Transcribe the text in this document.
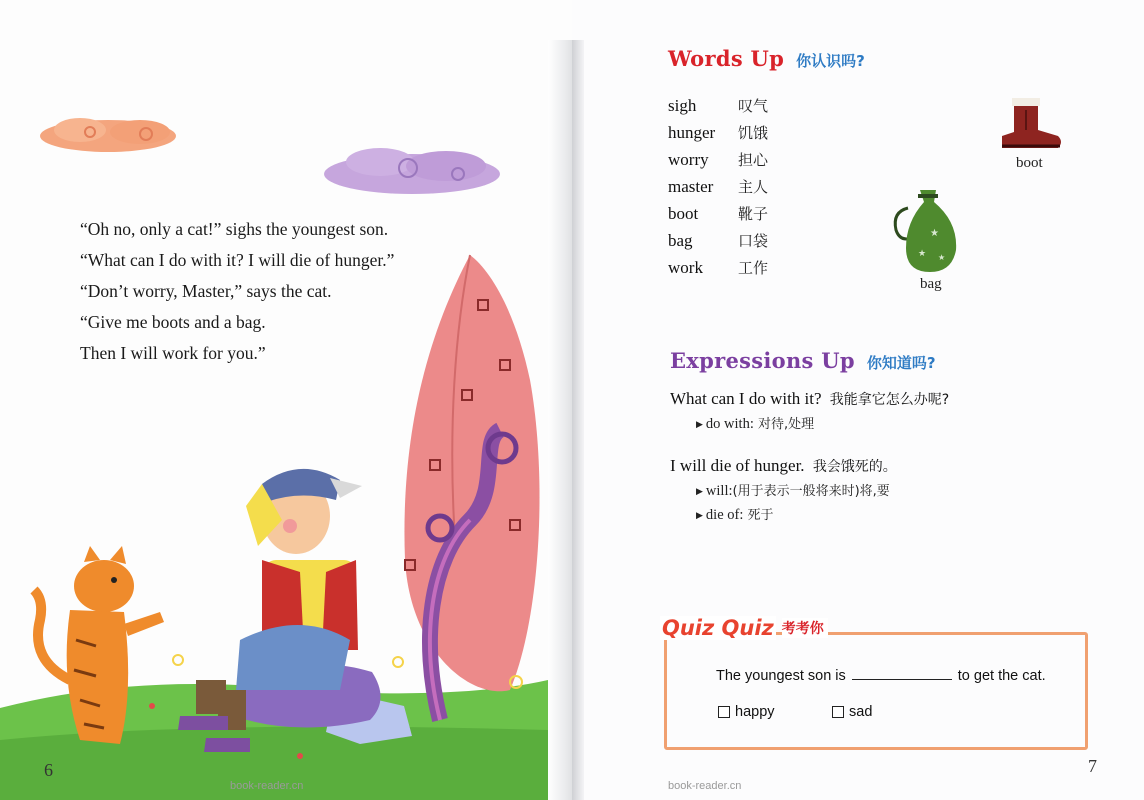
“Oh no, only a cat!” sighs the youngest son.

“What can I do with it? I will die of hunger.”

“Don’t worry, Master,” says the cat.

“Give me boots and a bag.

Then I will work for you.”

6
book-reader.cn
Words Up 你认识吗?
sigh	叹气
hunger	饥饿
worry	担心
master	主人
boot	靴子
bag	口袋
work	工作
boot
★
★ ★
bag
Expressions Up 你知道吗?
What can I do with it? 我能拿它怎么办呢?
▶ do with: 对待,处理
I will die of hunger. 我会饿死的。
▶ will:(用于表示一般将来时)将,要
▶ die of: 死于
Quiz Quiz 考考你
The youngest son is	to get the cat.
happy	sad
7
book-reader.cn
